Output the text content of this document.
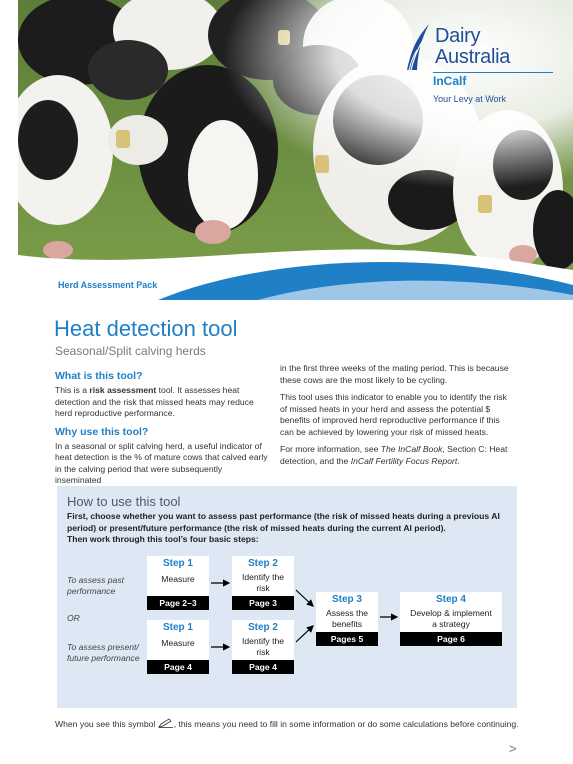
Dairy
Australia
InCalf
Your Levy at Work
Herd Assessment Pack
Heat detection tool
Seasonal/Split calving herds
What is this tool?

This is a risk assessment tool. It assesses heat detection and the risk that missed heats may reduce herd reproductive performance.

Why use this tool?

In a seasonal or split calving herd, a useful indicator of heat detection is the % of mature cows that calved early in the calving period that were subsequently inseminated

in the first three weeks of the mating period. This is because these cows are the most likely to be cycling.

This tool uses this indicator to enable you to identify the risk of missed heats in your herd and assess the potential $ benefits of improved herd reproductive performance if this can be achieved by lowering your risk of missed heats.

For more information, see The InCalf Book, Section C: Heat detection, and the InCalf Fertility Focus Report.

How to use this tool
First, choose whether you want to assess past performance (the risk of missed heats during a previous AI period) or present/future performance (the risk of missed heats during the current AI period).
Then work through this tool’s four basic steps:
To assess past performance
OR
To assess present/ future performance
Step 1
Measure
Page 2–3
Step 2
Identify the risk
Page 3
Step 1
Measure
Page 4
Step 2
Identify the risk
Page 4
Step 3
Assess the benefits
Pages 5
Step 4
Develop & implement a strategy
Page 6
When you see this symbol , this means you need to fill in some information or do some calculations before continuing.
>
